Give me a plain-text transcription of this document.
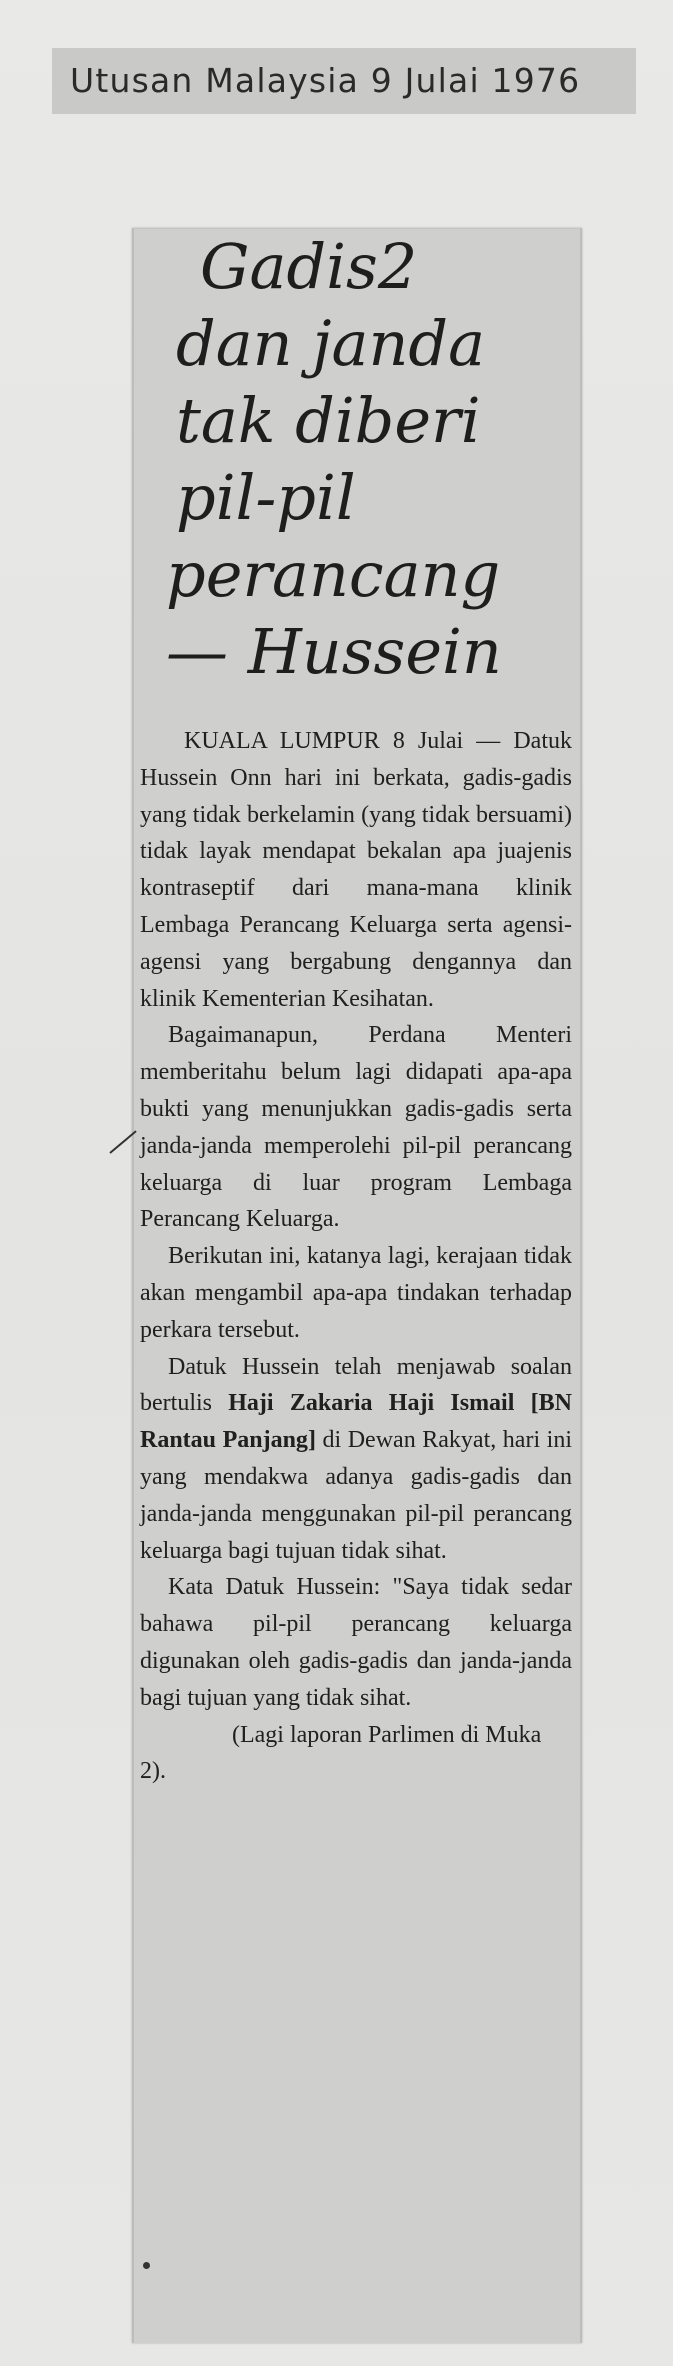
Utusan Malaysia 9 Julai 1976
Gadis2
dan janda
tak diberi
pil-pil
perancang
— Hussein

KUALA LUMPUR 8 Julai — Datuk Hussein Onn hari ini berkata, gadis-gadis yang tidak berkelamin (yang tidak bersuami) tidak layak mendapat bekalan apa juajenis kontraseptif dari mana-mana klinik Lembaga Perancang Keluarga serta agensi-agensi yang bergabung dengannya dan klinik Kementerian Kesihatan.

Bagaimanapun, Perdana Menteri memberitahu belum lagi didapati apa-apa bukti yang menunjukkan gadis-gadis serta janda-janda memperolehi pil-pil perancang keluarga di luar program Lembaga Perancang Keluarga.

Berikutan ini, katanya lagi, kerajaan tidak akan mengambil apa-apa tindakan terhadap perkara tersebut.

Datuk Hussein telah menjawab soalan bertulis Haji Zakaria Haji Ismail [BN Rantau Panjang] di Dewan Rakyat, hari ini yang mendakwa adanya gadis-gadis dan janda-janda menggunakan pil-pil perancang keluarga bagi tujuan tidak sihat.

Kata Datuk Hussein: "Saya tidak sedar bahawa pil-pil perancang keluarga digunakan oleh gadis-gadis dan janda-janda bagi tujuan yang tidak sihat.

(Lagi laporan Parlimen di Muka 2).
